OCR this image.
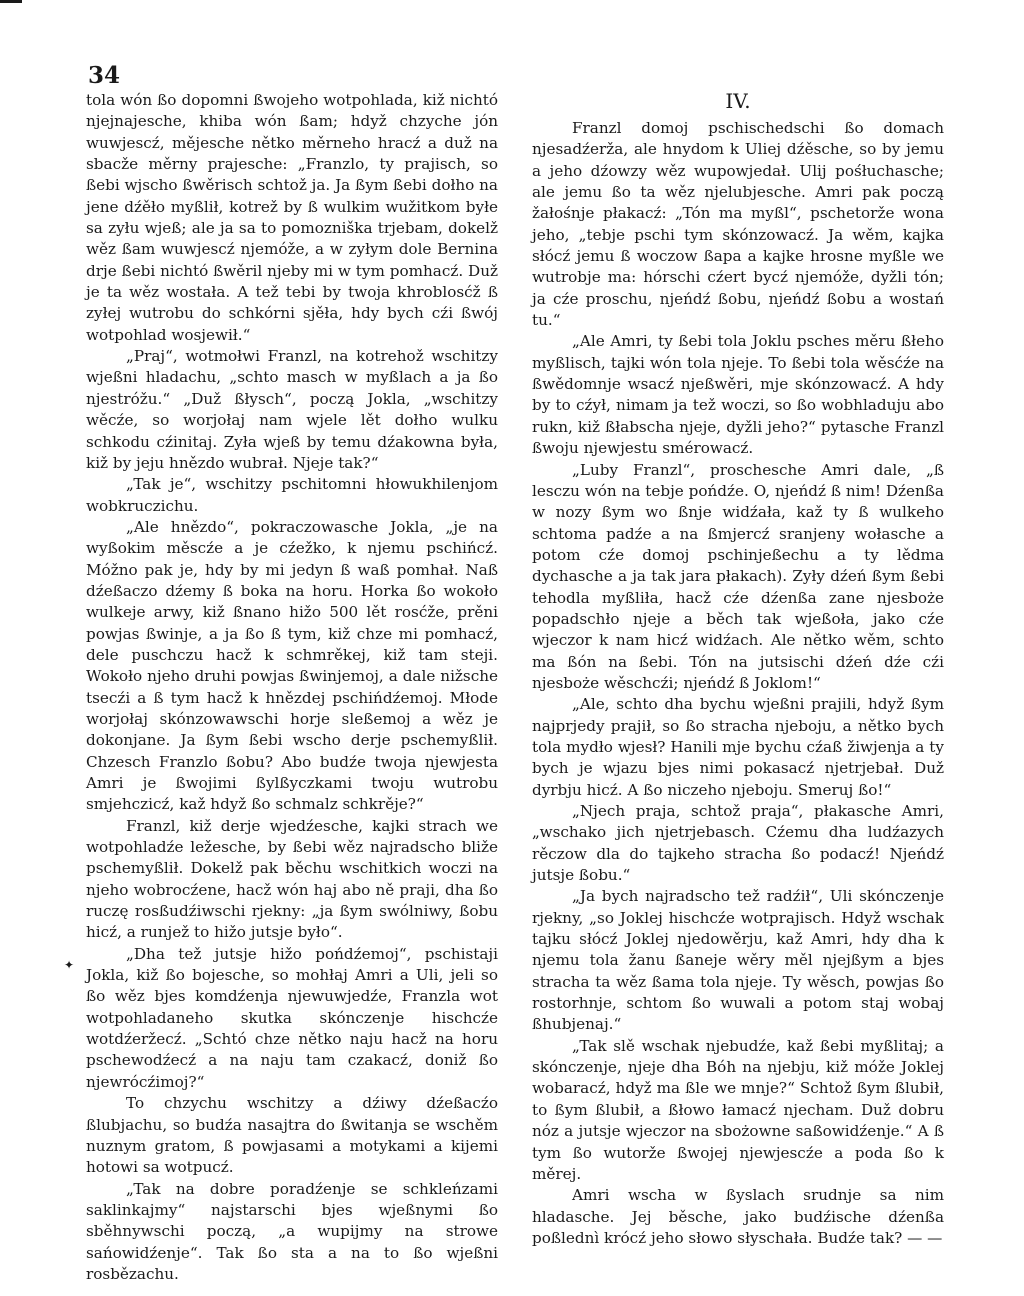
34

tola wón ßo dopomni ßwojeho wotpohlada, kiž nichtó njejnajesche, khiba wón ßam; hdyž chzyche jón wuwjescź, mějesche nětko měrneho hracź a duž na sbacže měrny prajesche: „Franzlo, ty prajisch, so ßebi wjscho ßwěrisch schtož ja. Ja ßym ßebi dołho na jene dźěło myßlił, kotrež by ß wulkim wužitkom byłe sa zyłu wjeß; ale ja sa to pomozniška trjebam, dokelž wěz ßam wuwjescź njemóže, a w zyłym dole Bernina drje ßebi nichtó ßwěril njeby mi w tym pomhacź. Duž je ta wěz wostała. A tež tebi by twoja khroblosćž ß zyłej wutrobu do schkórni sjěła, hdy bych cźi ßwój wotpohlad wosjewił.“

„Praj“, wotmołwi Franzl, na kotrehož wschitzy wjeßni hladachu, „schto masch w myßlach a ja ßo njestróžu.“ „Duž ßłysch“, począ Jokla, „wschitzy wěcźe, so worjołaj nam wjele lět dołho wulku schkodu cźinitaj. Zyła wjeß by temu dźakowna była, kiž by jeju hnězdo wubrał. Njeje tak?“

„Tak je“, wschitzy pschitomni hłowukhilenjom wobkruczichu.

„Ale hnězdo“, pokraczowasche Jokla, „je na wyßokim měscźe a je cźežko, k njemu pschińcź. Móžno pak je, hdy by mi jedyn ß waß pomhał. Naß dźeßaczo dźemy ß boka na horu. Horka ßo wokoło wulkeje arwy, kiž ßnano hižo 500 lět rosćže, prěni powjas ßwinje, a ja ßo ß tym, kiž chze mi pomhacź, dele puschczu hacž k schmrěkej, kiž tam steji. Wokoło njeho druhi powjas ßwinjemoj, a dale nižsche tsecźi a ß tym hacž k hnězdej pschińdźemoj. Młode worjołaj skónzowawschi horje sleßemoj a wěz je dokonjane. Ja ßym ßebi wscho derje pschemyßlił. Chzesch Franzlo ßobu? Abo budźe twoja njewjesta Amri je ßwojimi ßylßyczkami twoju wutrobu smjehczicź, kaž hdyž ßo schmalz schkrěje?“

Franzl, kiž derje wjedźesche, kajki strach we wotpohladźe ležesche, by ßebi wěz najradscho bliže pschemyßlił. Dokelž pak běchu wschitkich woczi na njeho wobrocźene, hacž wón haj abo ně praji, dha ßo ruczę rosßudźiwschi rjekny: „ja ßym swólniwy, ßobu hicź, a runjež to hižo jutsje było“.

„Dha tež jutsje hižo pońdźemoj“, pschistaji Jokla, kiž ßo bojesche, so mohłaj Amri a Uli, jeli so ßo wěz bjes komdźenja njewuwjedźe, Franzla wot wotpohladaneho skutka skónczenje hischcźe wotdźeržecź. „Schtó chze nětko naju hacž na horu pschewodźecź a na naju tam czakacź, doniž ßo njewrócźimoj?“

To chzychu wschitzy a dźiwy dźeßacźo ßlubjachu, so budźa nasajtra do ßwitanja se wschěm nuznym gratom, ß powjasami a motykami a kijemi hotowi sa wotpucź.

„Tak na dobre poradźenje se schkleńzami saklinkajmy“ najstarschi bjes wjeßnymi ßo sběhnywschi począ, „a wupijmy na strowe sańowidźenje“. Tak ßo sta a na to ßo wjeßni rosbězachu.

✦
IV.

Franzl domoj pschischedschi ßo domach njesadźerža, ale hnydom k Uliej dźěsche, so by jemu a jeho dźowzy wěz wupowjedał. Ulij pośłuchasche; ale jemu ßo ta wěz njelubjesche. Amri pak począ žałośnje płakacź: „Tón ma myßl“, pschetorže wona jeho, „tebje pschi tym skónzowacź. Ja wěm, kajka słócź jemu ß woczow ßapa a kajke hrosne myßle we wutrobje ma: hórschi cźert bycź njemóže, dyžli tón; ja cźe proschu, njeńdź ßobu, njeńdź ßobu a wostań tu.“

„Ale Amri, ty ßebi tola Joklu psches měru ßłeho myßlisch, tajki wón tola njeje. To ßebi tola wěsćźe na ßwědomnje wsacź njeßwěri, mje skónzowacź. A hdy by to cźył, nimam ja tež woczi, so ßo wobhladuju abo rukn, kiž ßłabscha njeje, dyžli jeho?“ pytasche Franzl ßwoju njewjestu smérowacź.

„Luby Franzl“, proschesche Amri dale, „ß lesczu wón na tebje pońdźe. O, njeńdź ß nim! Dźenßa w nozy ßym wo ßnje widźała, kaž ty ß wulkeho schtoma padźe a na ßmjercź sranjeny wołasche a potom cźe domoj pschinjeßechu a ty lědma dychasche a ja tak jara płakach). Zyły dźeń ßym ßebi tehodla myßliła, hacž cźe dźenßa zane njesboże popadschło njeje a běch tak wjeßoła, jako cźe wjeczor k nam hicź widźach. Ale nětko wěm, schto ma ßón na ßebi. Tón na jutsischi dźeń dźe cźi njesboże wěschcźi; njeńdź ß Joklom!“

„Ale, schto dha bychu wjeßni prajili, hdyž ßym najprjedy prajił, so ßo stracha njeboju, a nětko bych tola mydło wjesł? Hanili mje bychu cźaß žiwjenja a ty bych je wjazu bjes nimi pokasacź njetrjebał. Duž dyrbju hicź. A ßo niczeho njeboju. Smeruj ßo!“

„Njech praja, schtož praja“, płakasche Amri, „wschako jich njetrjebasch. Cźemu dha ludźazych rěczow dla do tajkeho stracha ßo podacź! Njeńdź jutsje ßobu.“

„Ja bych najradscho tež radźił“, Uli skónczenje rjekny, „so Joklej hischcźe wotprajisch. Hdyž wschak tajku słócź Joklej njedowěrju, kaž Amri, hdy dha k njemu tola žanu ßaneje wěry měl njejßym a bjes stracha ta wěz ßama tola njeje. Ty wěsch, powjas ßo rostorhnje, schtom ßo wuwali a potom staj wobaj ßhubjenaj.“

„Tak slě wschak njebudźe, kaž ßebi myßlitaj; a skónczenje, njeje dha Bóh na njebju, kiž móže Joklej wobaracź, hdyž ma ßle we mnje?“ Schtož ßym ßlubił, to ßym ßlubił, a ßłowo łamacź njecham. Duž dobru nóz a jutsje wjeczor na sbożowne saßowidźenje.“ A ß tym ßo wutorže ßwojej njewjescźe a poda ßo k měrej.

Amri wscha w ßyslach srudnje sa nim hladasche. Jej běsche, jako budźische dźenßa poßlednì krócź jeho słowo słyschała. Budźe tak? — —
